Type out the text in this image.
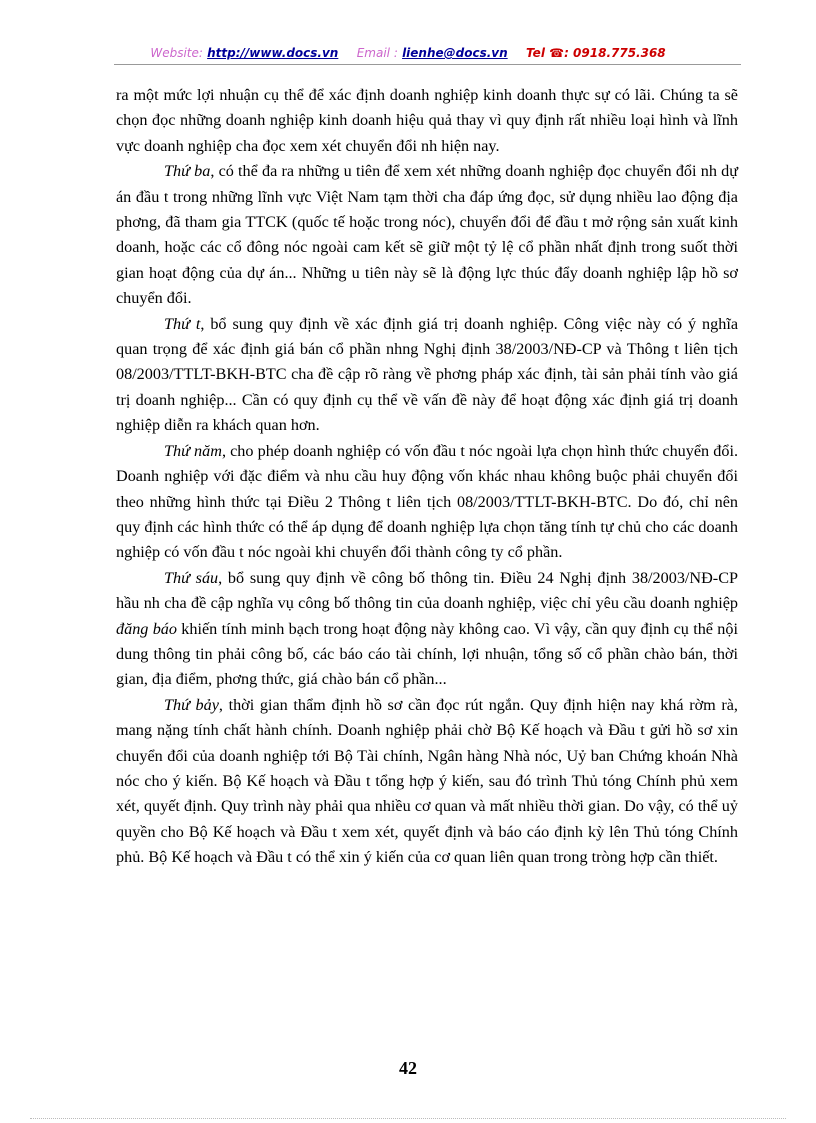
Website: http://www.docs.vn Email : lienhe@docs.vn Tel ☎: 0918.775.368

ra một mức lợi nhuận cụ thể để xác định doanh nghiệp kinh doanh thực sự có lãi. Chúng ta sẽ chọn đọc những doanh nghiệp kinh doanh hiệu quả thay vì quy định rất nhiều loại hình và lĩnh vực doanh nghiệp cha đọc xem xét chuyển đổi nh hiện nay.

Thứ ba, có thể đa ra những u tiên để xem xét những doanh nghiệp đọc chuyển đổi nh dự án đầu t trong những lĩnh vực Việt Nam tạm thời cha đáp ứng đọc, sử dụng nhiều lao động địa phơng, đã tham gia TTCK (quốc tế hoặc trong nóc), chuyển đổi để đầu t mở rộng sản xuất kinh doanh, hoặc các cổ đông nóc ngoài cam kết sẽ giữ một tỷ lệ cổ phần nhất định trong suốt thời gian hoạt động của dự án... Những u tiên này sẽ là động lực thúc đẩy doanh nghiệp lập hồ sơ chuyển đổi.

Thứ t, bổ sung quy định về xác định giá trị doanh nghiệp. Công việc này có ý nghĩa quan trọng để xác định giá bán cổ phần nhng Nghị định 38/2003/NĐ-CP và Thông t liên tịch 08/2003/TTLT-BKH-BTC cha đề cập rõ ràng về phơng pháp xác định, tài sản phải tính vào giá trị doanh nghiệp... Cần có quy định cụ thể về vấn đề này để hoạt động xác định giá trị doanh nghiệp diễn ra khách quan hơn.

Thứ năm, cho phép doanh nghiệp có vốn đầu t nóc ngoài lựa chọn hình thức chuyển đổi. Doanh nghiệp với đặc điểm và nhu cầu huy động vốn khác nhau không buộc phải chuyển đổi theo những hình thức tại Điều 2 Thông t liên tịch 08/2003/TTLT-BKH-BTC. Do đó, chỉ nên quy định các hình thức có thể áp dụng để doanh nghiệp lựa chọn tăng tính tự chủ cho các doanh nghiệp có vốn đầu t nóc ngoài khi chuyển đổi thành công ty cổ phần.

Thứ sáu, bổ sung quy định về công bố thông tin. Điều 24 Nghị định 38/2003/NĐ-CP hầu nh cha đề cập nghĩa vụ công bố thông tin của doanh nghiệp, việc chỉ yêu cầu doanh nghiệp đăng báo khiến tính minh bạch trong hoạt động này không cao. Vì vậy, cần quy định cụ thể nội dung thông tin phải công bố, các báo cáo tài chính, lợi nhuận, tổng số cổ phần chào bán, thời gian, địa điểm, phơng thức, giá chào bán cổ phần...

Thứ bảy, thời gian thẩm định hồ sơ cần đọc rút ngắn. Quy định hiện nay khá rờm rà, mang nặng tính chất hành chính. Doanh nghiệp phải chờ Bộ Kế hoạch và Đầu t gửi hồ sơ xin chuyển đổi của doanh nghiệp tới Bộ Tài chính, Ngân hàng Nhà nóc, Uỷ ban Chứng khoán Nhà nóc cho ý kiến. Bộ Kế hoạch và Đầu t tổng hợp ý kiến, sau đó trình Thủ tóng Chính phủ xem xét, quyết định. Quy trình này phải qua nhiều cơ quan và mất nhiều thời gian. Do vậy, có thể uỷ quyền cho Bộ Kế hoạch và Đầu t xem xét, quyết định và báo cáo định kỳ lên Thủ tóng Chính phủ. Bộ Kế hoạch và Đầu t có thể xin ý kiến của cơ quan liên quan trong tròng hợp cần thiết.

42
